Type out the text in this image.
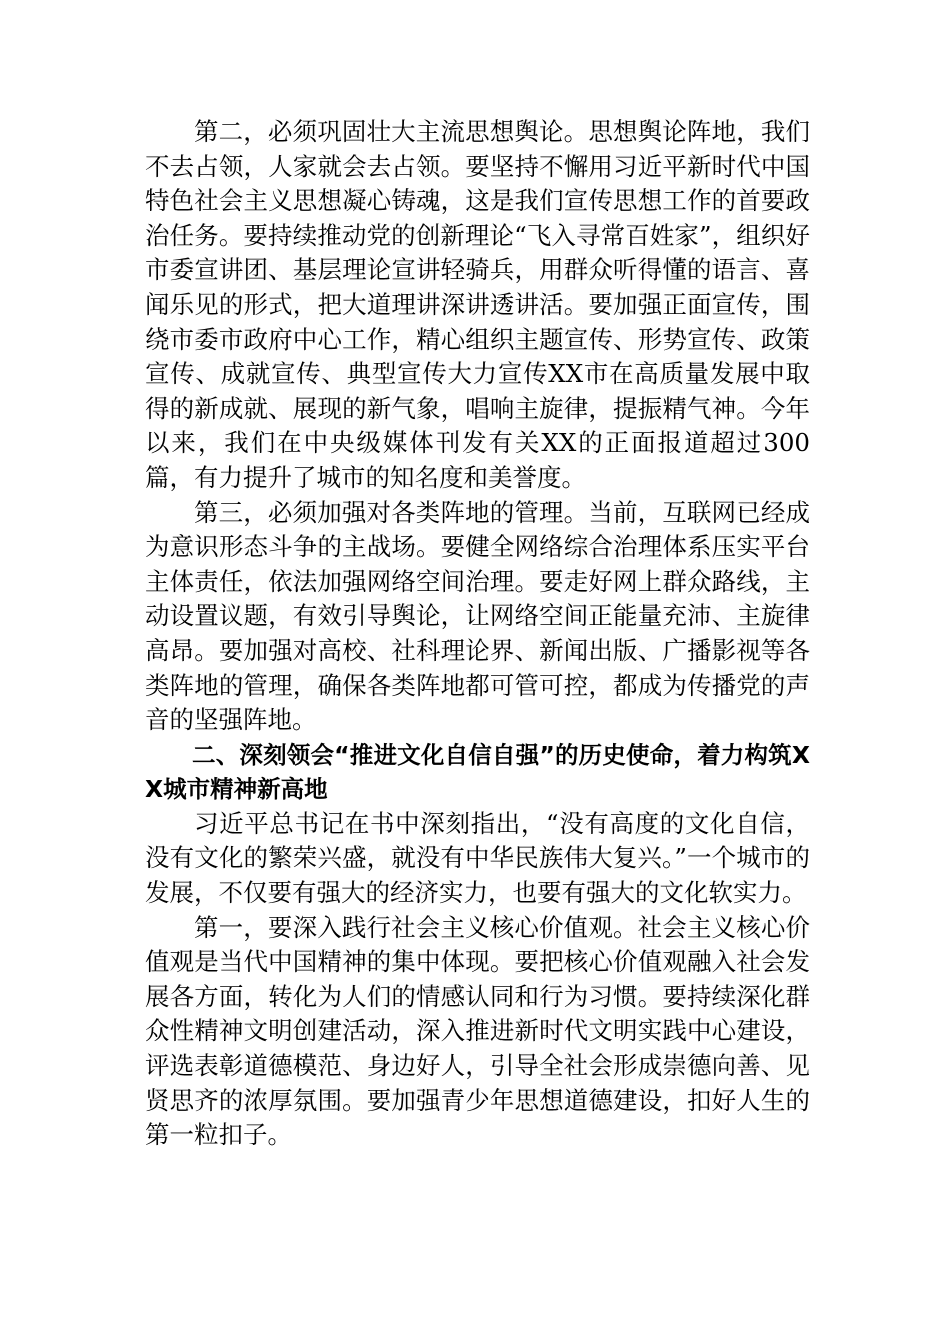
第二，必须巩固壮大主流思想舆论。思想舆论阵地，我们不去占领，人家就会去占领。要坚持不懈用习近平新时代中国特色社会主义思想凝心铸魂，这是我们宣传思想工作的首要政治任务。要持续推动党的创新理论“飞入寻常百姓家”，组织好市委宣讲团、基层理论宣讲轻骑兵，用群众听得懂的语言、喜闻乐见的形式，把大道理讲深讲透讲活。要加强正面宣传，围绕市委市政府中心工作，精心组织主题宣传、形势宣传、政策宣传、成就宣传、典型宣传大力宣传XX市在高质量发展中取得的新成就、展现的新气象，唱响主旋律，提振精气神。今年以来，我们在中央级媒体刊发有关XX的正面报道超过300篇，有力提升了城市的知名度和美誉度。

第三，必须加强对各类阵地的管理。当前，互联网已经成为意识形态斗争的主战场。要健全网络综合治理体系压实平台主体责任，依法加强网络空间治理。要走好网上群众路线，主动设置议题，有效引导舆论，让网络空间正能量充沛、主旋律高昂。要加强对高校、社科理论界、新闻出版、广播影视等各类阵地的管理，确保各类阵地都可管可控，都成为传播党的声音的坚强阵地。

二、深刻领会“推进文化自信自强”的历史使命，着力构筑XX城市精神新高地

习近平总书记在书中深刻指出，“没有高度的文化自信，没有文化的繁荣兴盛，就没有中华民族伟大复兴。”一个城市的发展，不仅要有强大的经济实力，也要有强大的文化软实力。

第一，要深入践行社会主义核心价值观。社会主义核心价值观是当代中国精神的集中体现。要把核心价值观融入社会发展各方面，转化为人们的情感认同和行为习惯。要持续深化群众性精神文明创建活动，深入推进新时代文明实践中心建设，评选表彰道德模范、身边好人，引导全社会形成崇德向善、见贤思齐的浓厚氛围。要加强青少年思想道德建设，扣好人生的第一粒扣子。
